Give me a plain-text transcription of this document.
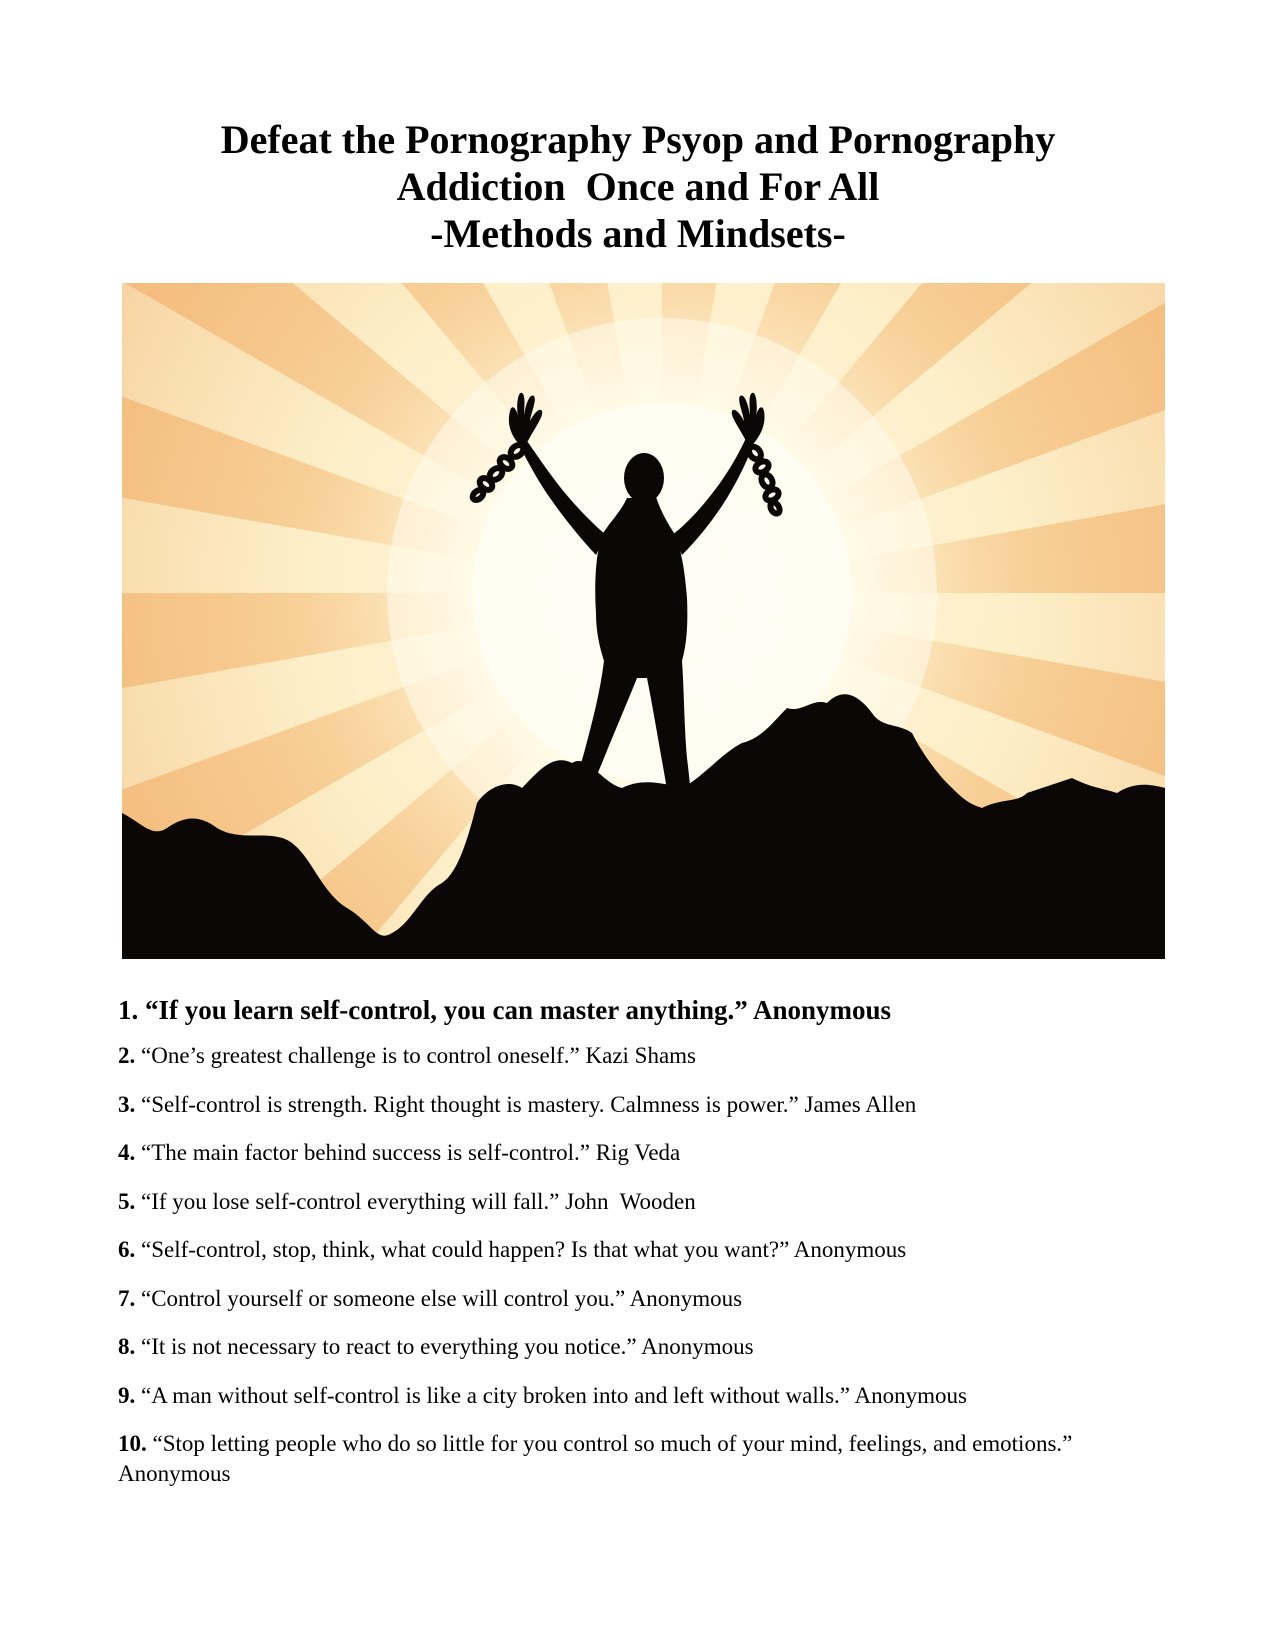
Defeat the Pornography Psyop and Pornography
Addiction  Once and For All
-Methods and Mindsets-
1. “If you learn self-control, you can master anything.” Anonymous
2. “One’s greatest challenge is to control oneself.” Kazi Shams
3. “Self-control is strength. Right thought is mastery. Calmness is power.” James Allen
4. “The main factor behind success is self-control.” Rig Veda
5. “If you lose self-control everything will fall.” John  Wooden
6. “Self-control, stop, think, what could happen? Is that what you want?” Anonymous
7. “Control yourself or someone else will control you.” Anonymous
8. “It is not necessary to react to everything you notice.” Anonymous
9. “A man without self-control is like a city broken into and left without walls.” Anonymous
10. “Stop letting people who do so little for you control so much of your mind, feelings, and emotions.” Anonymous
